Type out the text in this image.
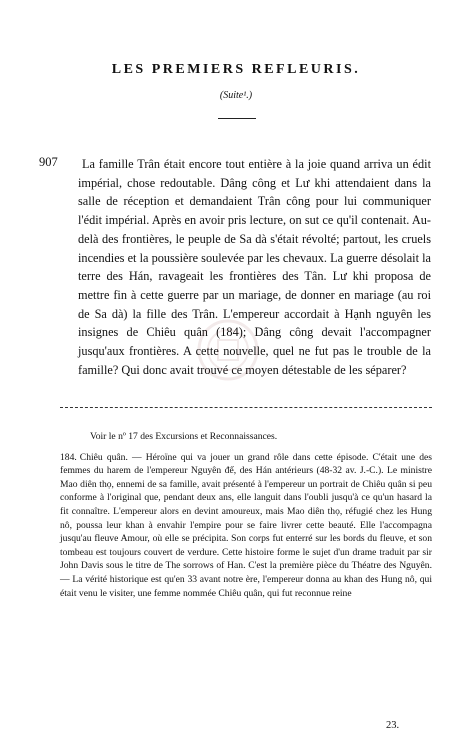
LES PREMIERS REFLEURIS.
(Suite¹.)
907	La famille Trân était encore tout entière à la joie quand arriva un édit impérial, chose redoutable. Dâng công et Lư khi attendaient dans la salle de réception et demandaient Trân công pour lui communiquer l'édit impérial. Après en avoir pris lecture, on sut ce qu'il contenait. Au-delà des frontières, le peuple de Sa dà s'était révolté; partout, les cruels incendies et la poussière soulevée par les chevaux. La guerre désolait la terre des Hán, ravageait les frontières des Tân. Lư khi proposa de mettre fin à cette guerre par un mariage, de donner en mariage (au roi de Sa dà) la fille des Trân. L'empereur accordait à Hạnh nguyên les insignes de Chiêu quân (184); Dâng công devait l'accompagner jusqu'aux frontières. A cette nouvelle, quel ne fut pas le trouble de la famille? Qui donc avait trouvé ce moyen détestable de les séparer?

Voir le nº 17 des Excursions et Reconnaissances.

184. Chiêu quân. — Héroïne qui va jouer un grand rôle dans cette épisode. C'était une des femmes du harem de l'empereur Nguyên đế, des Hán antérieurs (48-32 av. J.-C.). Le ministre Mao diên thọ, ennemi de sa famille, avait présenté à l'empereur un portrait de Chiêu quân si peu conforme à l'original que, pendant deux ans, elle languit dans l'oubli jusqu'à ce qu'un hasard la fit connaître. L'empereur alors en devint amoureux, mais Mao diên thọ, réfugié chez les Hung nô, poussa leur khan à envahir l'empire pour se faire livrer cette beauté. Elle l'accompagna jusqu'au fleuve Amour, où elle se précipita. Son corps fut enterré sur les bords du fleuve, et son tombeau est toujours couvert de verdure. Cette histoire forme le sujet d'un drame traduit par sir John Davis sous le titre de The sorrows of Han. C'est la première pièce du Théatre des Nguyên. — La vérité historique est qu'en 33 avant notre ère, l'empereur donna au khan des Hung nô, qui était venu le visiter, une femme nommée Chiêu quân, qui fut reconnue reine

23.
